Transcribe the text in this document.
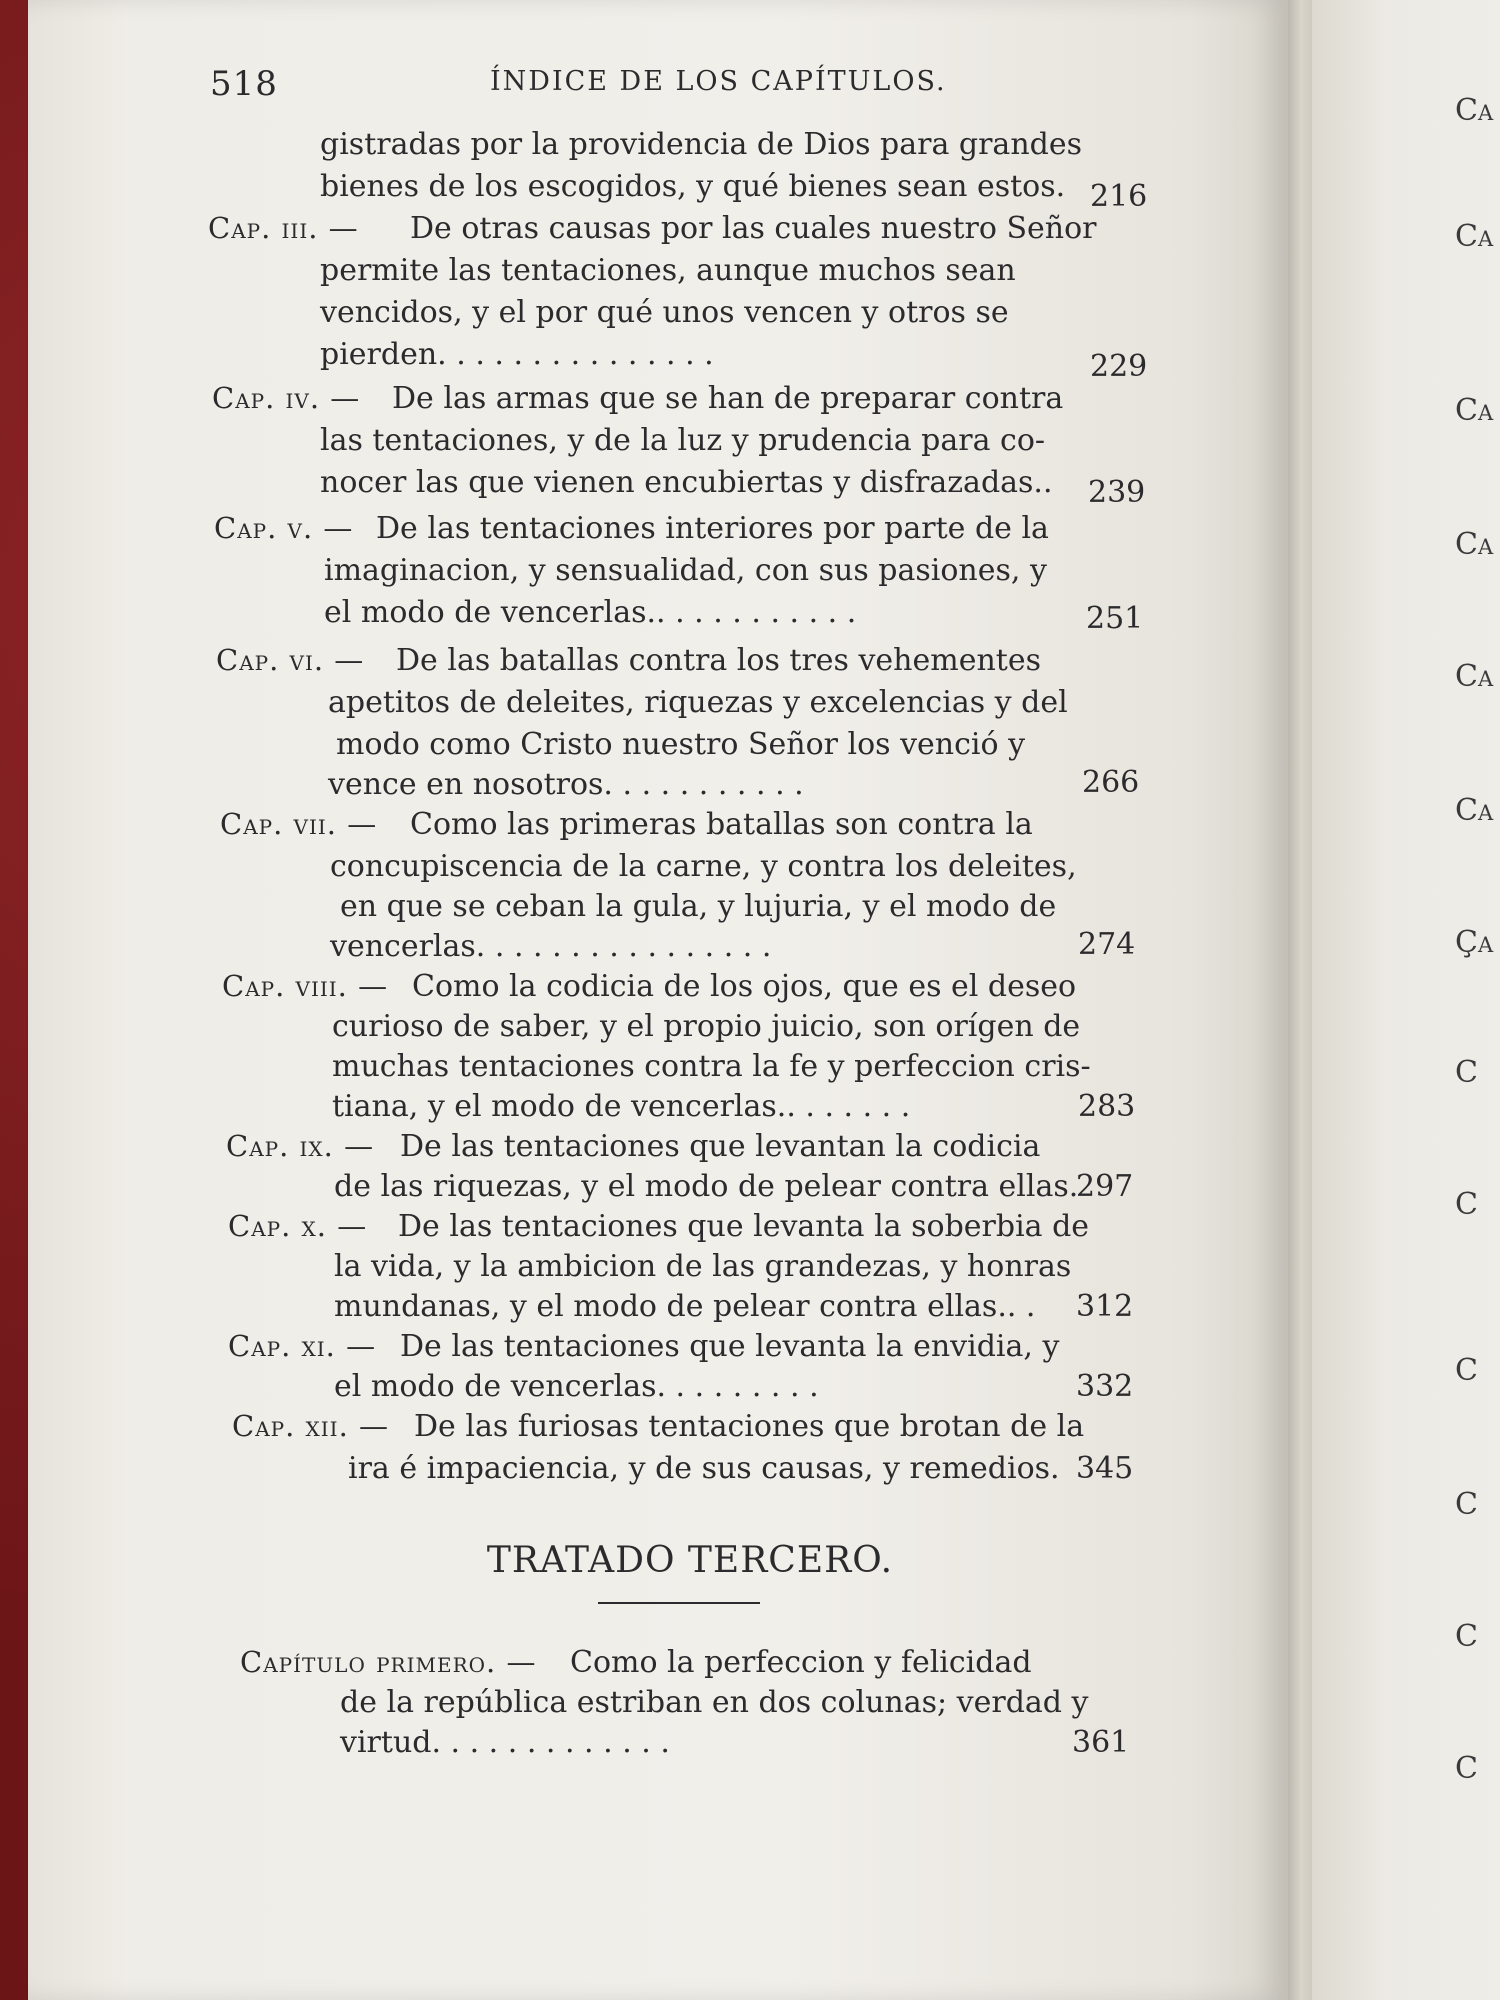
518	ÍNDICE DE LOS CAPÍTULOS.
gistradas por la providencia de Dios para grandes
bienes de los escogidos, y qué bienes sean estos. 216
Cap. iii. — De otras causas por las cuales nuestro Señor
permite las tentaciones, aunque muchos sean
vencidos, y el por qué unos vencen y otros se
pierden. . . . . . . . . . . . . . .	229
Cap. iv. — De las armas que se han de preparar contra
las tentaciones, y de la luz y prudencia para co-
nocer las que vienen encubiertas y disfrazadas.. 239
Cap. v. — De las tentaciones interiores por parte de la
imaginacion, y sensualidad, con sus pasiones, y
el modo de vencerlas.. . . . . . . . . . .	251
Cap. vi. — De las batallas contra los tres vehementes
apetitos de deleites, riquezas y excelencias y del
modo como Cristo nuestro Señor los venció y
vence en nosotros. . . . . . . . . . .	266
Cap. vii. — Como las primeras batallas son contra la
concupiscencia de la carne, y contra los deleites,
en que se ceban la gula, y lujuria, y el modo de
vencerlas. . . . . . . . . . . . . . . .	274
Cap. viii. — Como la codicia de los ojos, que es el deseo
curioso de saber, y el propio juicio, son orígen de
muchas tentaciones contra la fe y perfeccion cris-
tiana, y el modo de vencerlas.. . . . . . .	283
Cap. ix. — De las tentaciones que levantan la codicia
de las riquezas, y el modo de pelear contra ellas.
297
Cap. x. — De las tentaciones que levanta la soberbia de
la vida, y la ambicion de las grandezas, y honras
mundanas, y el modo de pelear contra ellas.. . 312
Cap. xi. — De las tentaciones que levanta la envidia, y
el modo de vencerlas. . . . . . . . .	332
Cap. xii. — De las furiosas tentaciones que brotan de la
ira é impaciencia, y de sus causas, y remedios. 345
TRATADO TERCERO.
Capítulo primero. — Como la perfeccion y felicidad
de la república estriban en dos colunas; verdad y
virtud. . . . . . . . . . . . .	361
Ca
Ca
Ca
Ca
Ca
Ca
Ça
C
C
C
C
C
C
